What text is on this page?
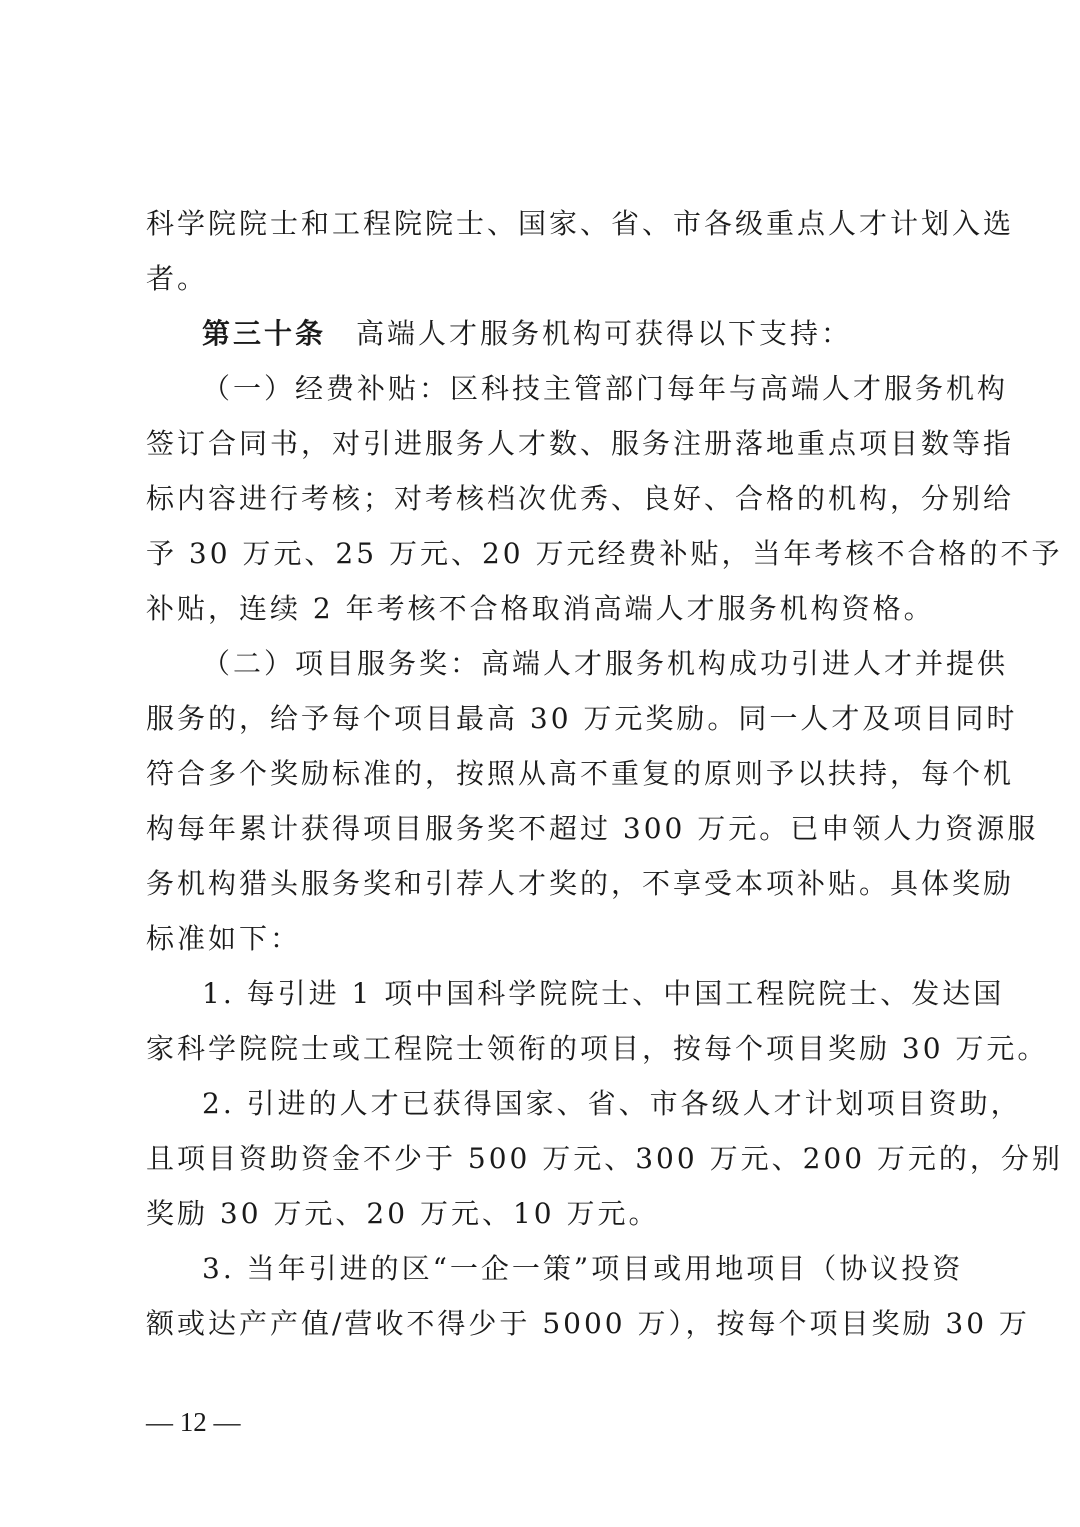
科学院院士和工程院院士、国家、省、市各级重点人才计划入选
者。
第三十条 高端人才服务机构可获得以下支持：
（一）经费补贴：区科技主管部门每年与高端人才服务机构
签订合同书，对引进服务人才数、服务注册落地重点项目数等指
标内容进行考核；对考核档次优秀、良好、合格的机构，分别给
予 30 万元、25 万元、20 万元经费补贴，当年考核不合格的不予
补贴，连续 2 年考核不合格取消高端人才服务机构资格。
（二）项目服务奖：高端人才服务机构成功引进人才并提供
服务的，给予每个项目最高 30 万元奖励。同一人才及项目同时
符合多个奖励标准的，按照从高不重复的原则予以扶持，每个机
构每年累计获得项目服务奖不超过 300 万元。已申领人力资源服
务机构猎头服务奖和引荐人才奖的，不享受本项补贴。具体奖励
标准如下：
1. 每引进 1 项中国科学院院士、中国工程院院士、发达国
家科学院院士或工程院士领衔的项目，按每个项目奖励 30 万元。
2. 引进的人才已获得国家、省、市各级人才计划项目资助，
且项目资助资金不少于 500 万元、300 万元、200 万元的，分别
奖励 30 万元、20 万元、10 万元。
3. 当年引进的区“一企一策”项目或用地项目（协议投资
额或达产产值/营收不得少于 5000 万），按每个项目奖励 30 万
— 12 —
